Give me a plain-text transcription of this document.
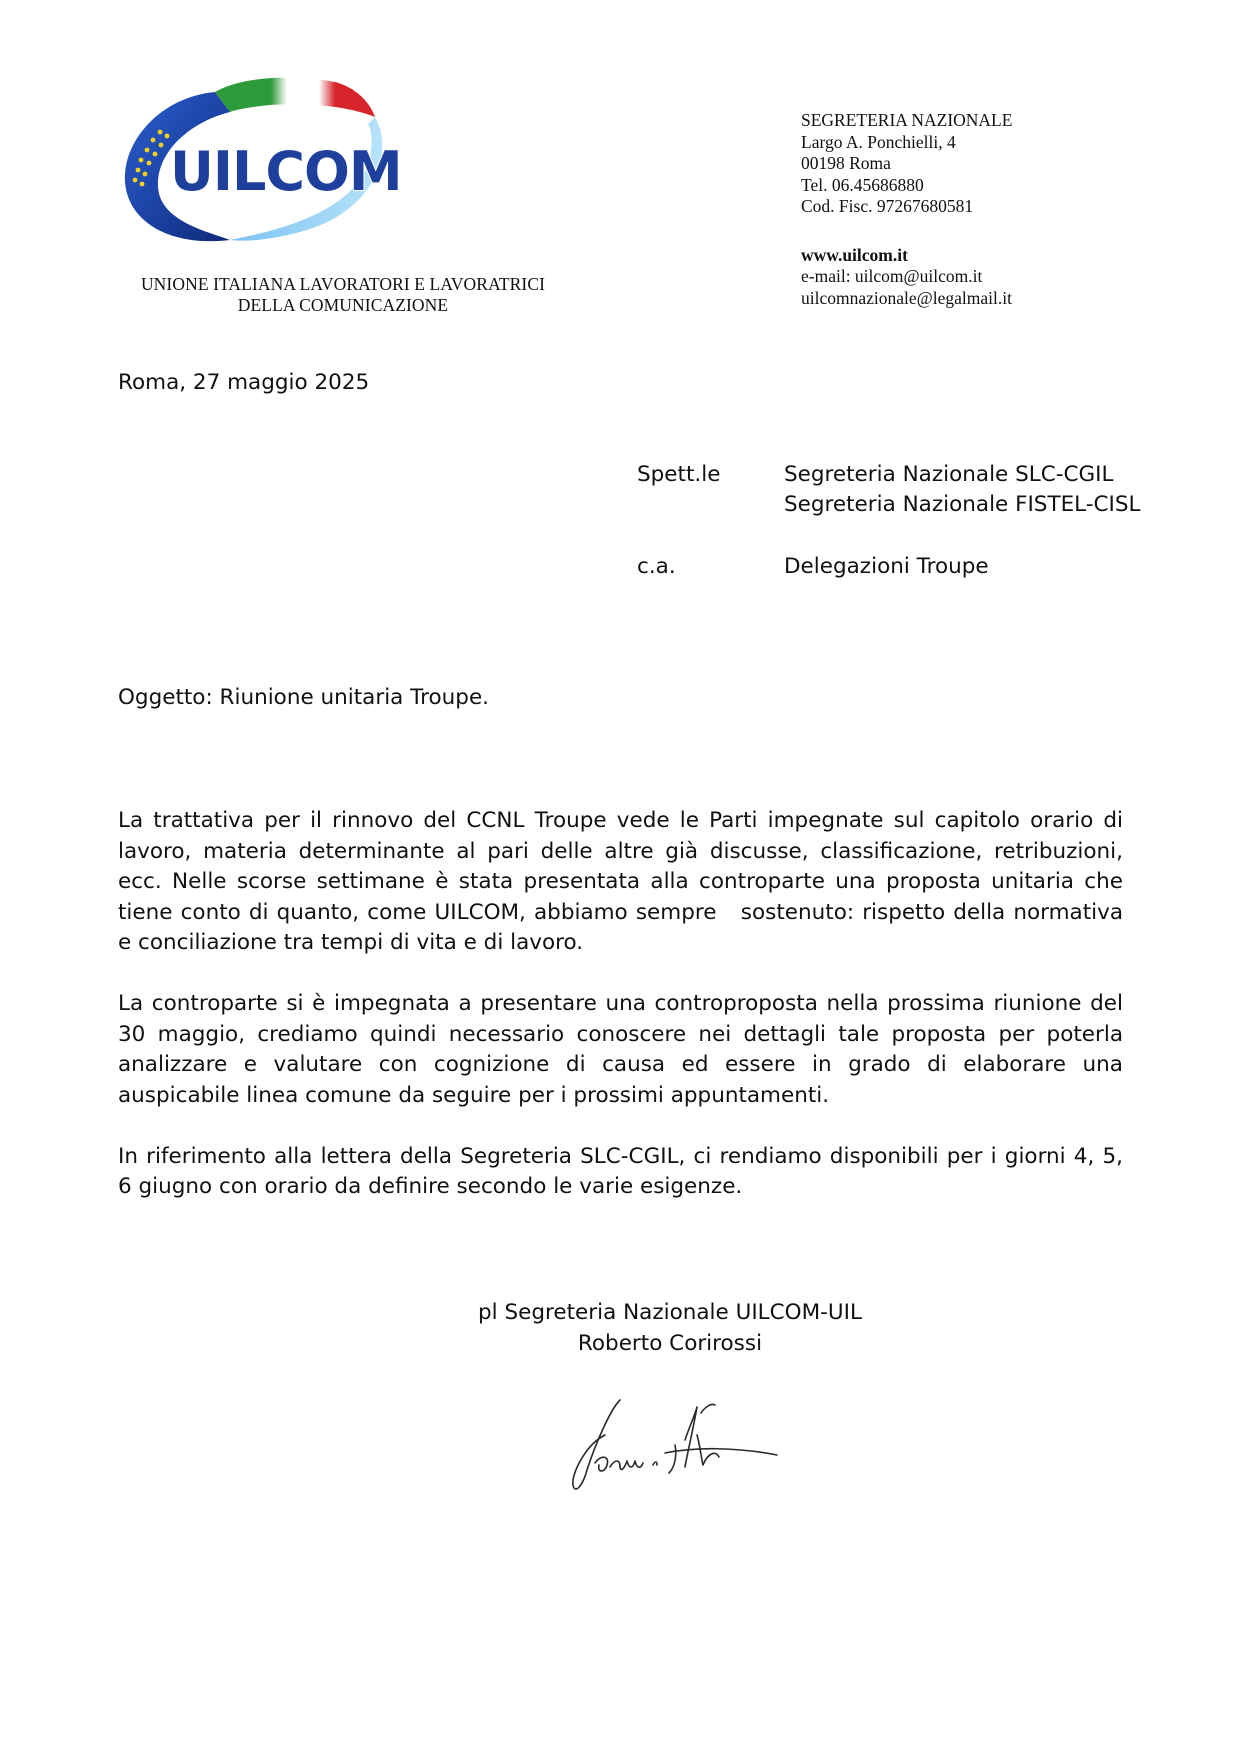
UILCOM
UNIONE ITALIANA LAVORATORI E LAVORATRICI
DELLA COMUNICAZIONE
SEGRETERIA NAZIONALE
Largo A. Ponchielli, 4
00198 Roma
Tel. 06.45686880
Cod. Fisc. 97267680581
www.uilcom.it
e-mail: uilcom@uilcom.it
uilcomnazionale@legalmail.it
Roma, 27 maggio 2025
Spett.le	Segreteria Nazionale SLC-CGIL
Segreteria Nazionale FISTEL-CISL
c.a.	Delegazioni Troupe
Oggetto: Riunione unitaria Troupe.

La trattativa per il rinnovo del CCNL Troupe vede le Parti impegnate sul capitolo orario di lavoro, materia determinante al pari delle altre già discusse, classificazione, retribuzioni, ecc. Nelle scorse settimane è stata presentata alla controparte una proposta unitaria che tiene conto di quanto, come UILCOM, abbiamo sempre   sostenuto: rispetto della normativa e conciliazione tra tempi di vita e di lavoro.

La controparte si è impegnata a presentare una controproposta nella prossima riunione del 30 maggio, crediamo quindi necessario conoscere nei dettagli tale proposta per poterla analizzare e valutare con cognizione di causa ed essere in grado di elaborare una auspicabile linea comune da seguire per i prossimi appuntamenti.

In riferimento alla lettera della Segreteria SLC-CGIL, ci rendiamo disponibili per i giorni 4, 5, 6 giugno con orario da definire secondo le varie esigenze.

pl Segreteria Nazionale UILCOM-UIL
Roberto Corirossi
